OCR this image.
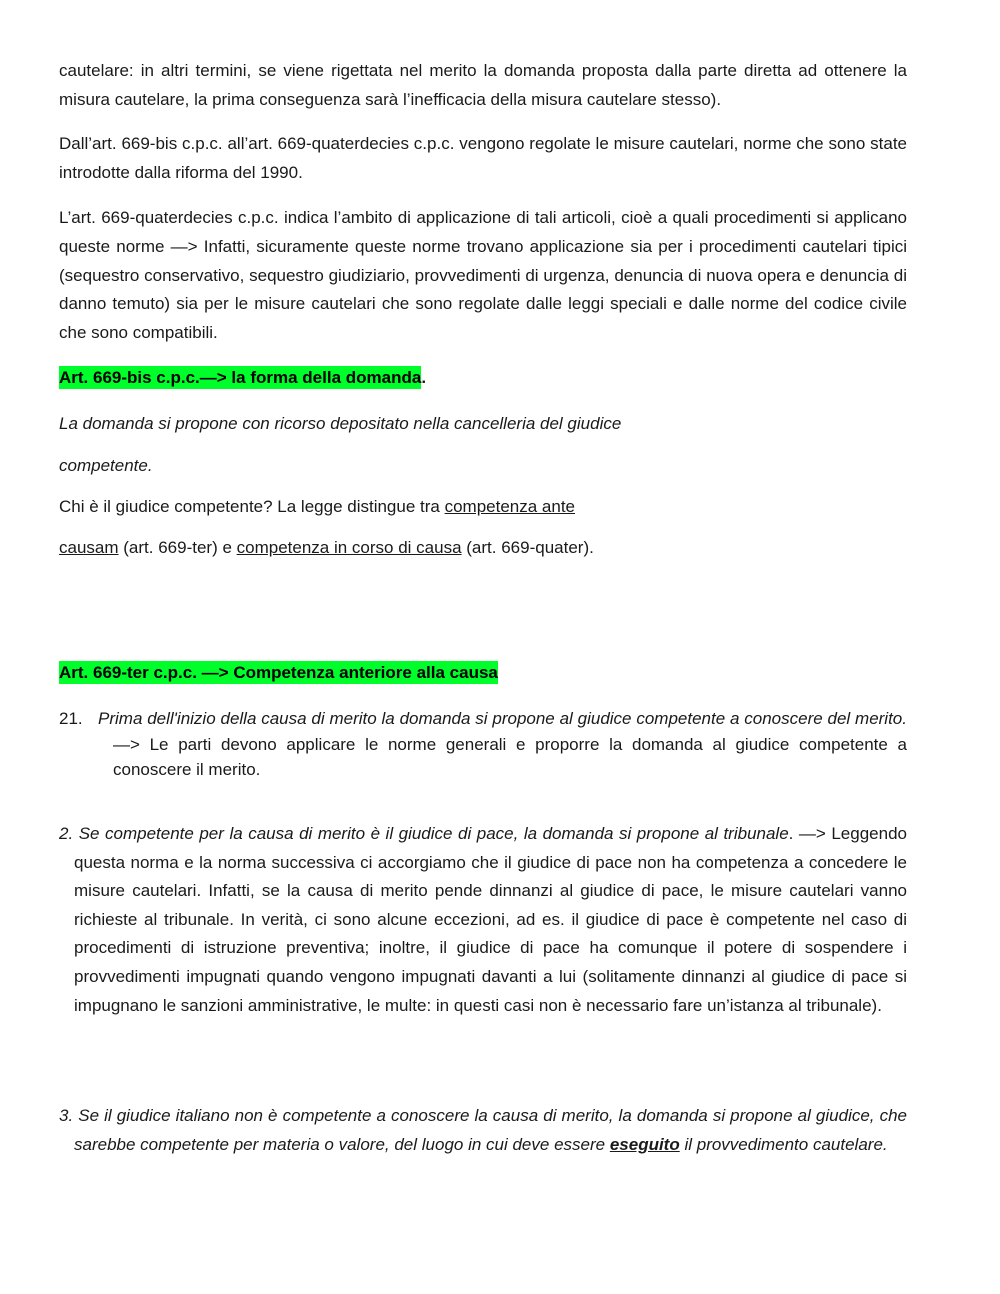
cautelare: in altri termini, se viene rigettata nel merito la domanda proposta dalla parte diretta ad ottenere la misura cautelare, la prima conseguenza sarà l’inefficacia della misura cautelare stesso).

Dall’art. 669-bis c.p.c. all’art. 669-quaterdecies c.p.c. vengono regolate le misure cautelari, norme che sono state introdotte dalla riforma del 1990.

L’art. 669-quaterdecies c.p.c. indica l’ambito di applicazione di tali articoli, cioè a quali procedimenti si applicano queste norme —> Infatti, sicuramente queste norme trovano applicazione sia per i procedimenti cautelari tipici (sequestro conservativo, sequestro giudiziario, provvedimenti di urgenza, denuncia di nuova opera e denuncia di danno temuto) sia per le misure cautelari che sono regolate dalle leggi speciali e dalle norme del codice civile che sono compatibili.

Art. 669-bis c.p.c.—> la forma della domanda.

La domanda si propone con ricorso depositato nella cancelleria del giudice

competente.

Chi è il giudice competente? La legge distingue tra competenza ante

causam (art. 669-ter) e competenza in corso di causa (art. 669-quater).

Art. 669-ter c.p.c. —> Competenza anteriore alla causa

21. Prima dell'inizio della causa di merito la domanda si propone al giudice competente a conoscere del merito. —> Le parti devono applicare le norme generali e proporre la domanda al giudice competente a conoscere il merito.

2. Se competente per la causa di merito è il giudice di pace, la domanda si propone al tribunale. —> Leggendo questa norma e la norma successiva ci accorgiamo che il giudice di pace non ha competenza a concedere le misure cautelari. Infatti, se la causa di merito pende dinnanzi al giudice di pace, le misure cautelari vanno richieste al tribunale. In verità, ci sono alcune eccezioni, ad es. il giudice di pace è competente nel caso di procedimenti di istruzione preventiva; inoltre, il giudice di pace ha comunque il potere di sospendere i provvedimenti impugnati quando vengono impugnati davanti a lui (solitamente dinnanzi al giudice di pace si impugnano le sanzioni amministrative, le multe: in questi casi non è necessario fare un’istanza al tribunale).

3. Se il giudice italiano non è competente a conoscere la causa di merito, la domanda si propone al giudice, che sarebbe competente per materia o valore, del luogo in cui deve essere eseguito il provvedimento cautelare.
